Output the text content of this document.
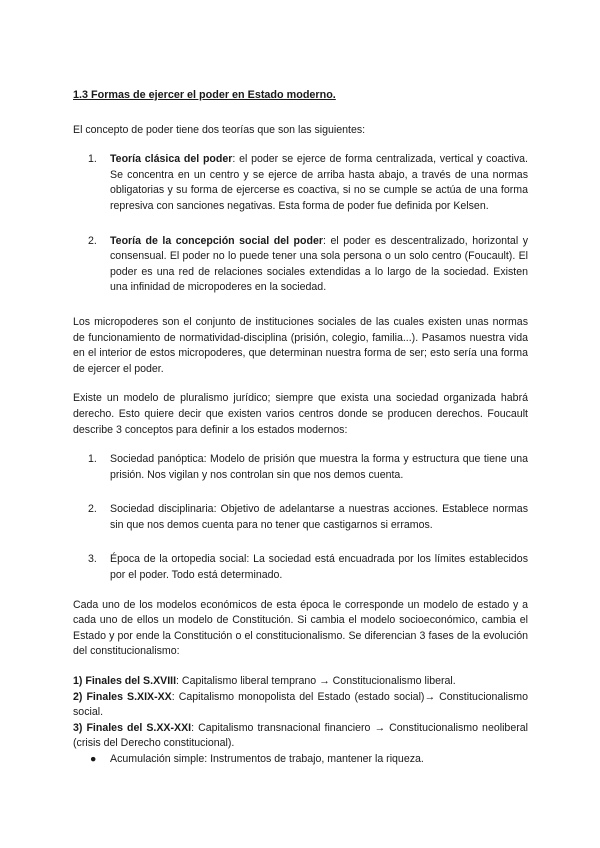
1.3 Formas de ejercer el poder en Estado moderno.

El concepto de poder tiene dos teorías que son las siguientes:

1. Teoría clásica del poder: el poder se ejerce de forma centralizada, vertical y coactiva. Se concentra en un centro y se ejerce de arriba hasta abajo, a través de una normas obligatorias y su forma de ejercerse es coactiva, si no se cumple se actúa de una forma represiva con sanciones negativas. Esta forma de poder fue definida por Kelsen.
2. Teoría de la concepción social del poder: el poder es descentralizado, horizontal y consensual. El poder no lo puede tener una sola persona o un solo centro (Foucault). El poder es una red de relaciones sociales extendidas a lo largo de la sociedad. Existen una infinidad de micropoderes en la sociedad.

Los micropoderes son el conjunto de instituciones sociales de las cuales existen unas normas de funcionamiento de normatividad-disciplina (prisión, colegio, familia...). Pasamos nuestra vida en el interior de estos micropoderes, que determinan nuestra forma de ser; esto sería una forma de ejercer el poder.

Existe un modelo de pluralismo jurídico; siempre que exista una sociedad organizada habrá derecho. Esto quiere decir que existen varios centros donde se producen derechos. Foucault describe 3 conceptos para definir a los estados modernos:

1. Sociedad panóptica: Modelo de prisión que muestra la forma y estructura que tiene una prisión. Nos vigilan y nos controlan sin que nos demos cuenta.
2. Sociedad disciplinaria: Objetivo de adelantarse a nuestras acciones. Establece normas sin que nos demos cuenta para no tener que castigarnos si erramos.
3. Época de la ortopedia social: La sociedad está encuadrada por los límites establecidos por el poder. Todo está determinado.

Cada uno de los modelos económicos de esta época le corresponde un modelo de estado y a cada uno de ellos un modelo de Constitución. Si cambia el modelo socioeconómico, cambia el Estado y por ende la Constitución o el constitucionalismo. Se diferencian 3 fases de la evolución del constitucionalismo:

1) Finales del S.XVIII: Capitalismo liberal temprano → Constitucionalismo liberal.

2) Finales S.XIX-XX: Capitalismo monopolista del Estado (estado social)→ Constitucionalismo social.

3) Finales del S.XX-XXI: Capitalismo transnacional financiero → Constitucionalismo neoliberal (crisis del Derecho constitucional).

● Acumulación simple: Instrumentos de trabajo, mantener la riqueza.
